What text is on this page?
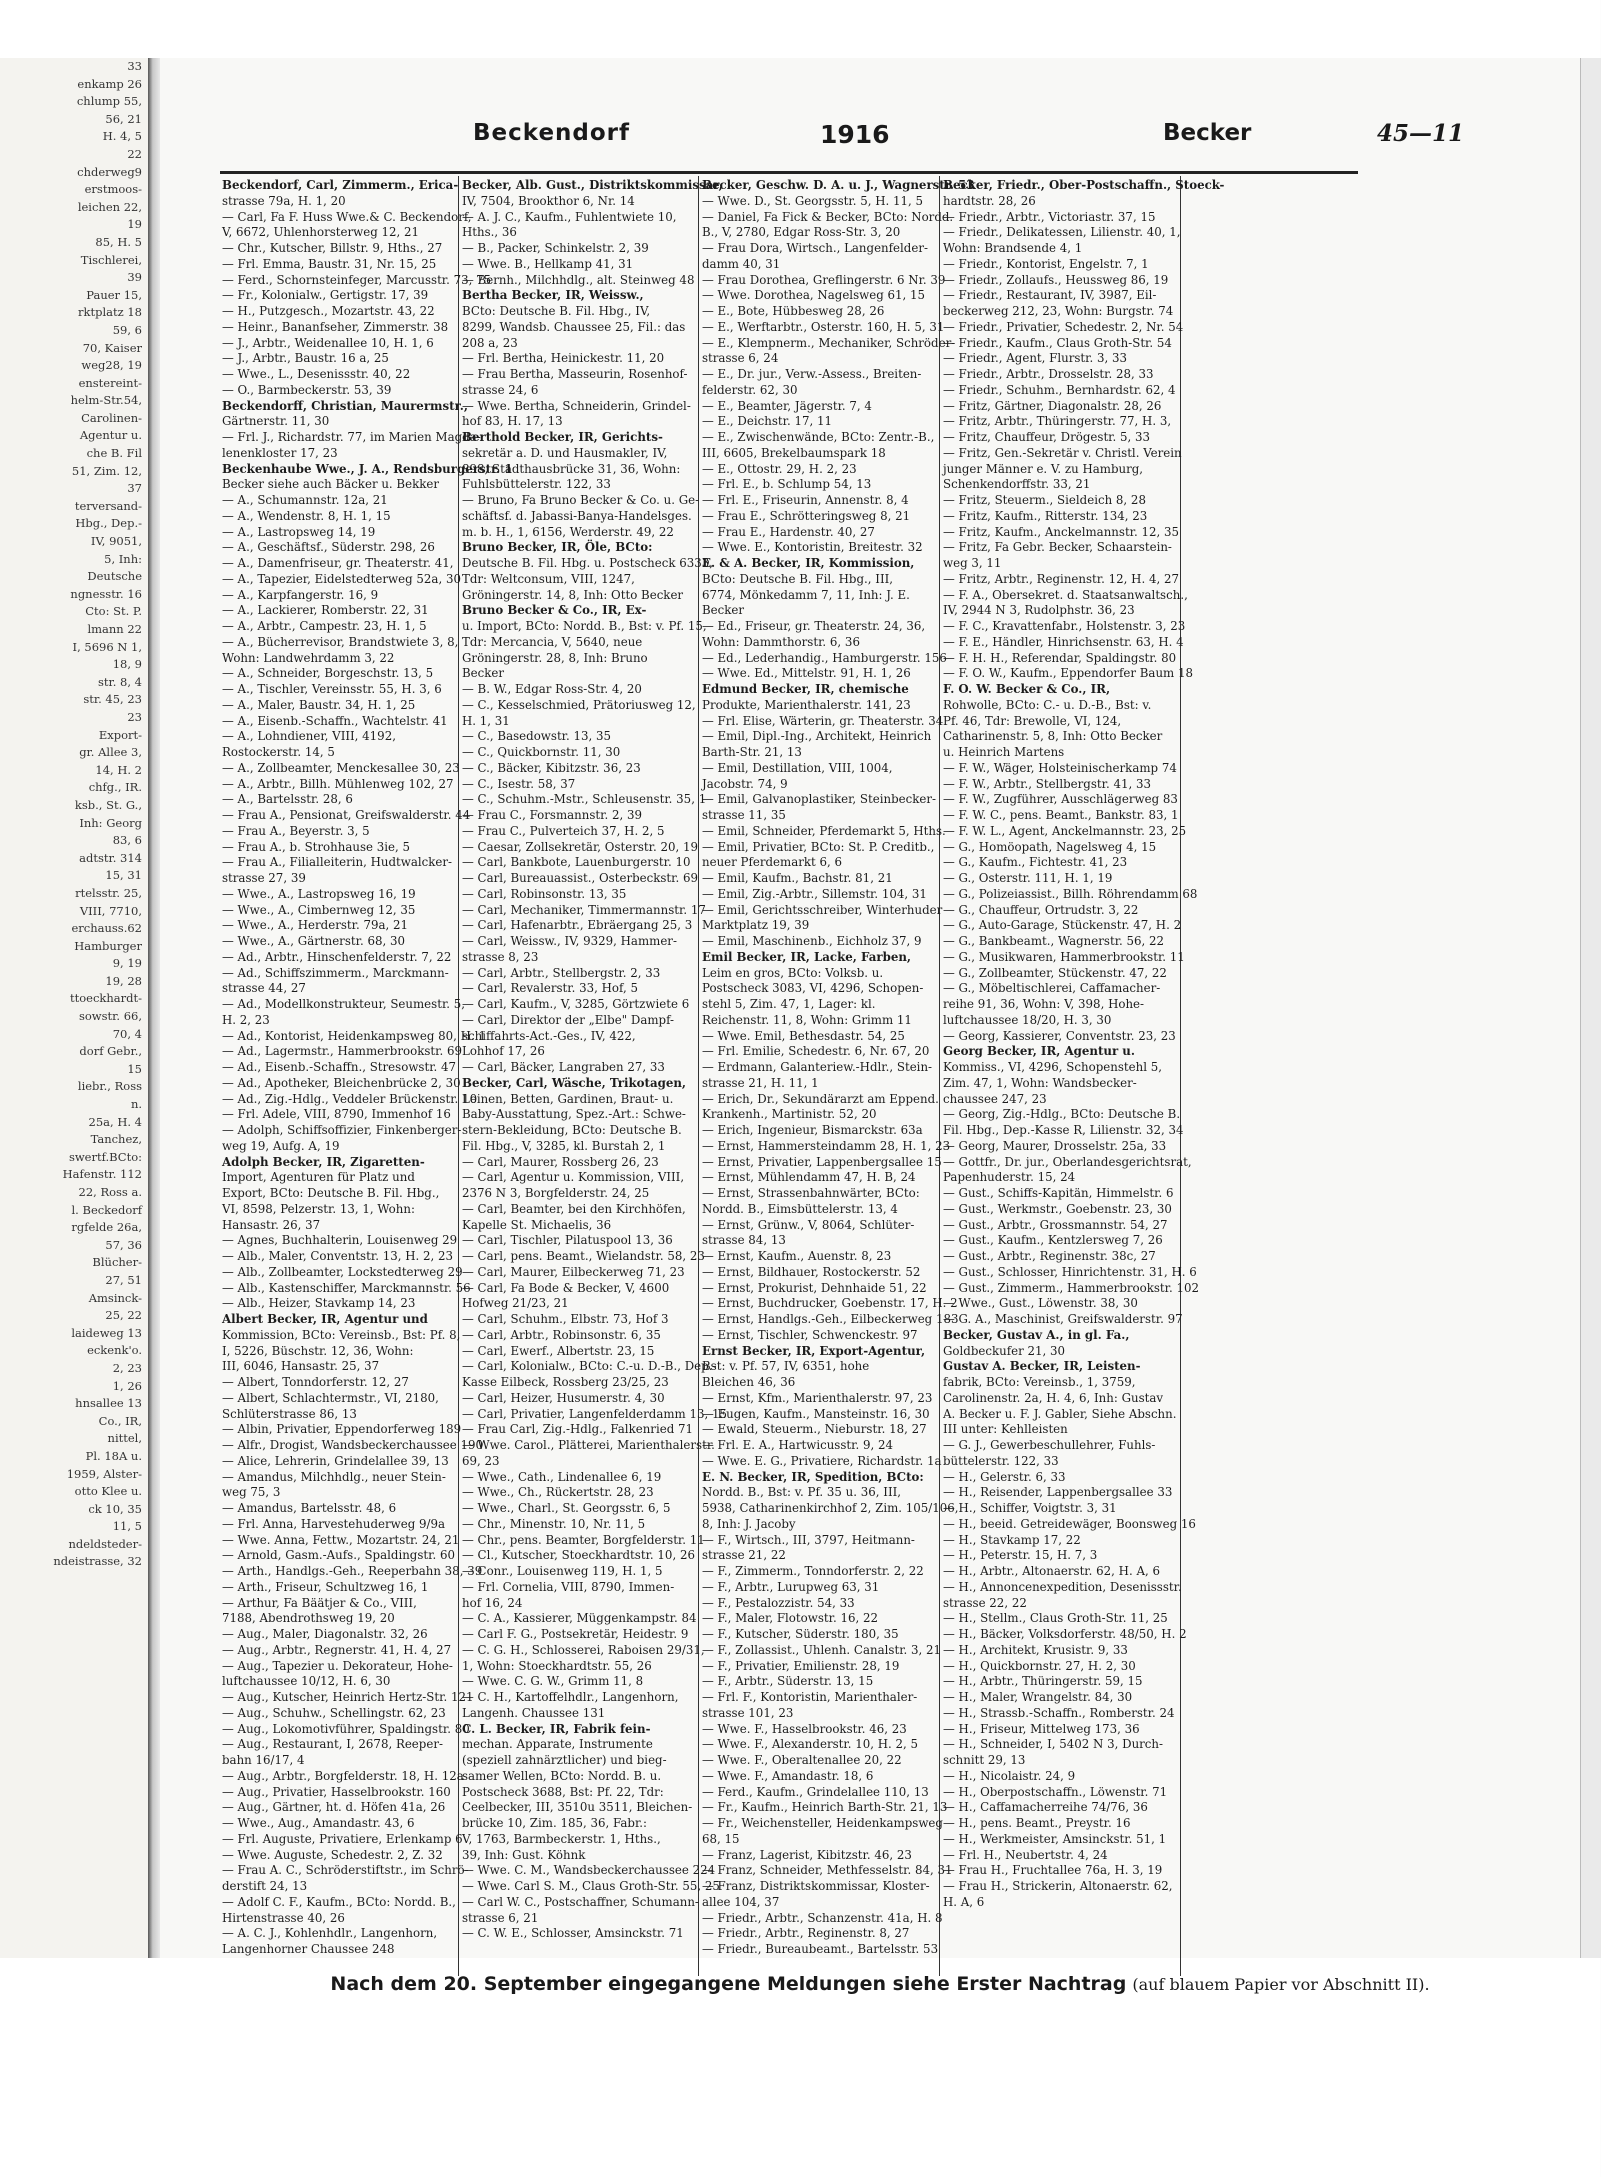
33
enkamp 26
chlump 55,
56, 21
H. 4, 5
22
chderweg9
erstmoos-
leichen 22,
19
85, H. 5
Tischlerei,
39
Pauer 15,
rktplatz 18
59, 6
70, Kaiser
weg28, 19
enstereint-
helm-Str.54,
Carolinen-
Agentur u.
che B. Fil
51, Zim. 12,
37
terversand-
Hbg., Dep.-
IV, 9051,
5, Inh:
Deutsche
ngnesstr. 16
Cto: St. P.
lmann 22
I, 5696 N 1,
18, 9
str. 8, 4
str. 45, 23
23
Export-
gr. Allee 3,
14, H. 2
chfg., IR.
ksb., St. G.,
Inh: Georg
83, 6
adtstr. 314
15, 31
rtelsstr. 25,
VIII, 7710,
erchauss.62
Hamburger
9, 19
19, 28
ttoeckhardt-
sowstr. 66,
70, 4
dorf Gebr.,
15
liebr., Ross
n.
25a, H. 4
Tanchez,
swertf.BCto:
Hafenstr. 112
22, Ross a.
l. Beckedorf
rgfelde 26a,
57, 36
Blücher-
27, 51
Amsinck-
25, 22
laideweg 13
eckenk'o.
2, 23
1, 26
hnsallee 13
Co., IR,
nittel,
Pl. 18A u.
1959, Alster-
otto Klee u.
ck 10, 35
11, 5
ndeldsteder-
ndeistrasse, 32
Beckendorf	1916	Becker	45—11
Beckendorf, Carl, Zimmerm., Erica-
strasse 79a, H. 1, 20
— Carl, Fa F. Huss Wwe.& C. Beckendorf,
V, 6672, Uhlenhorsterweg 12, 21
— Chr., Kutscher, Billstr. 9, Hths., 27
— Frl. Emma, Baustr. 31, Nr. 15, 25
— Ferd., Schornsteinfeger, Marcusstr. 73, 75
— Fr., Kolonialw., Gertigstr. 17, 39
— H., Putzgesch., Mozartstr. 43, 22
— Heinr., Bananfseher, Zimmerstr. 38
— J., Arbtr., Weidenallee 10, H. 1, 6
— J., Arbtr., Baustr. 16 a, 25
— Wwe., L., Desenissstr. 40, 22
— O., Barmbeckerstr. 53, 39
Beckendorff, Christian, Maurermstr.,
Gärtnerstr. 11, 30
— Frl. J., Richardstr. 77, im Marien Magda-
lenenkloster 17, 23
Beckenhaube Wwe., J. A., Rendsburgerstr. 1
Becker siehe auch Bäcker u. Bekker
— A., Schumannstr. 12a, 21
— A., Wendenstr. 8, H. 1, 15
— A., Lastropsweg 14, 19
— A., Geschäftsf., Süderstr. 298, 26
— A., Damenfriseur, gr. Theaterstr. 41,
— A., Tapezier, Eidelstedterweg 52a, 30
— A., Karpfangerstr. 16, 9
— A., Lackierer, Romberstr. 22, 31
— A., Arbtr., Campestr. 23, H. 1, 5
— A., Bücherrevisor, Brandstwiete 3, 8,
Wohn: Landwehrdamm 3, 22
— A., Schneider, Borgeschstr. 13, 5
— A., Tischler, Vereinsstr. 55, H. 3, 6
— A., Maler, Baustr. 34, H. 1, 25
— A., Eisenb.-Schaffn., Wachtelstr. 41
— A., Lohndiener, VIII, 4192,
Rostockerstr. 14, 5
— A., Zollbeamter, Menckesallee 30, 23
— A., Arbtr., Billh. Mühlenweg 102, 27
— A., Bartelsstr. 28, 6
— Frau A., Pensionat, Greifswalderstr. 44
— Frau A., Beyerstr. 3, 5
— Frau A., b. Strohhause 3ie, 5
— Frau A., Filialleiterin, Hudtwalcker-
strasse 27, 39
— Wwe., A., Lastropsweg 16, 19
— Wwe., A., Cimbernweg 12, 35
— Wwe., A., Herderstr. 79a, 21
— Wwe., A., Gärtnerstr. 68, 30
— Ad., Arbtr., Hinschenfelderstr. 7, 22
— Ad., Schiffszimmerm., Marckmann-
strasse 44, 27
— Ad., Modellkonstrukteur, Seumestr. 5,
H. 2, 23
— Ad., Kontorist, Heidenkampsweg 80, H. 1
— Ad., Lagermstr., Hammerbrookstr. 69
— Ad., Eisenb.-Schaffn., Stresowstr. 47
— Ad., Apotheker, Bleichenbrücke 2, 30
— Ad., Zig.-Hdlg., Veddeler Brückenstr. 10
— Frl. Adele, VIII, 8790, Immenhof 16
— Adolph, Schiffsoffizier, Finkenberger-
weg 19, Aufg. A, 19
Adolph Becker, IR, Zigaretten-
Import, Agenturen für Platz und
Export, BCto: Deutsche B. Fil. Hbg.,
VI, 8598, Pelzerstr. 13, 1, Wohn:
Hansastr. 26, 37
— Agnes, Buchhalterin, Louisenweg 29
— Alb., Maler, Conventstr. 13, H. 2, 23
— Alb., Zollbeamter, Lockstedterweg 29
— Alb., Kastenschiffer, Marckmannstr. 56
— Alb., Heizer, Stavkamp 14, 23
Albert Becker, IR, Agentur und
Kommission, BCto: Vereinsb., Bst: Pf. 8,
I, 5226, Büschstr. 12, 36, Wohn:
III, 6046, Hansastr. 25, 37
— Albert, Tonndorferstr. 12, 27
— Albert, Schlachtermstr., VI, 2180,
Schlüterstrasse 86, 13
— Albin, Privatier, Eppendorferweg 189
— Alfr., Drogist, Wandsbeckerchaussee 190
— Alice, Lehrerin, Grindelallee 39, 13
— Amandus, Milchhdlg., neuer Stein-
weg 75, 3
— Amandus, Bartelsstr. 48, 6
— Frl. Anna, Harvestehuderweg 9/9a
— Wwe. Anna, Fettw., Mozartstr. 24, 21
— Arnold, Gasm.-Aufs., Spaldingstr. 60
— Arth., Handlgs.-Geh., Reeperbahn 38, 39
— Arth., Friseur, Schultzweg 16, 1
— Arthur, Fa Bäätjer & Co., VIII,
7188, Abendrothsweg 19, 20
— Aug., Maler, Diagonalstr. 32, 26
— Aug., Arbtr., Regnerstr. 41, H. 4, 27
— Aug., Tapezier u. Dekorateur, Hohe-
luftchaussee 10/12, H. 6, 30
— Aug., Kutscher, Heinrich Hertz-Str. 121
— Aug., Schuhw., Schellingstr. 62, 23
— Aug., Lokomotivführer, Spaldingstr. 80
— Aug., Restaurant, I, 2678, Reeper-
bahn 16/17, 4
— Aug., Arbtr., Borgfelderstr. 18, H. 12a
— Aug., Privatier, Hasselbrookstr. 160
— Aug., Gärtner, ht. d. Höfen 41a, 26
— Wwe., Aug., Amandastr. 43, 6
— Frl. Auguste, Privatiere, Erlenkamp 6
— Wwe. Auguste, Schedestr. 2, Z. 32
— Frau A. C., Schröderstiftstr., im Schrö-
derstift 24, 13
— Adolf C. F., Kaufm., BCto: Nordd. B.,
Hirtenstrasse 40, 26
— A. C. J., Kohlenhdlr., Langenhorn,
Langenhorner Chaussee 248
Becker, Alb. Gust., Distriktskommissar,
IV, 7504, Brookthor 6, Nr. 14
— A. J. C., Kaufm., Fuhlentwiete 10,
Hths., 36
— B., Packer, Schinkelstr. 2, 39
— Wwe. B., Hellkamp 41, 31
— Bernh., Milchhdlg., alt. Steinweg 48
Bertha Becker, IR, Weissw.,
BCto: Deutsche B. Fil. Hbg., IV,
8299, Wandsb. Chaussee 25, Fil.: das
208 a, 23
— Frl. Bertha, Heinickestr. 11, 20
— Frau Bertha, Masseurin, Rosenhof-
strasse 24, 6
— Wwe. Bertha, Schneiderin, Grindel-
hof 83, H. 17, 13
Berthold Becker, IR, Gerichts-
sekretär a. D. und Hausmakler, IV,
898, Stadthausbrücke 31, 36, Wohn:
Fuhlsbüttelerstr. 122, 33
— Bruno, Fa Bruno Becker & Co. u. Ge-
schäftsf. d. Jabassi-Banya-Handelsges.
m. b. H., 1, 6156, Werderstr. 49, 22
Bruno Becker, IR, Öle, BCto:
Deutsche B. Fil. Hbg. u. Postscheck 6333,
Tdr: Weltconsum, VIII, 1247,
Gröningerstr. 14, 8, Inh: Otto Becker
Bruno Becker & Co., IR, Ex-
u. Import, BCto: Nordd. B., Bst: v. Pf. 15,
Tdr: Mercancia, V, 5640, neue
Gröningerstr. 28, 8, Inh: Bruno
Becker
— B. W., Edgar Ross-Str. 4, 20
— C., Kesselschmied, Prätoriusweg 12,
H. 1, 31
— C., Basedowstr. 13, 35
— C., Quickbornstr. 11, 30
— C., Bäcker, Kibitzstr. 36, 23
— C., Isestr. 58, 37
— C., Schuhm.-Mstr., Schleusenstr. 35, 1
— Frau C., Forsmannstr. 2, 39
— Frau C., Pulverteich 37, H. 2, 5
— Caesar, Zollsekretär, Osterstr. 20, 19
— Carl, Bankbote, Lauenburgerstr. 10
— Carl, Bureauassist., Osterbeckstr. 69
— Carl, Robinsonstr. 13, 35
— Carl, Mechaniker, Timmermannstr. 17
— Carl, Hafenarbtr., Ebräergang 25, 3
— Carl, Weissw., IV, 9329, Hammer-
strasse 8, 23
— Carl, Arbtr., Stellbergstr. 2, 33
— Carl, Revalerstr. 33, Hof, 5
— Carl, Kaufm., V, 3285, Görtzwiete 6
— Carl, Direktor der „Elbe" Dampf-
schiffahrts-Act.-Ges., IV, 422,
Lohhof 17, 26
— Carl, Bäcker, Langraben 27, 33
Becker, Carl, Wäsche, Trikotagen,
Leinen, Betten, Gardinen, Braut- u.
Baby-Ausstattung, Spez.-Art.: Schwe-
stern-Bekleidung, BCto: Deutsche B.
Fil. Hbg., V, 3285, kl. Burstah 2, 1
— Carl, Maurer, Rossberg 26, 23
— Carl, Agentur u. Kommission, VIII,
2376 N 3, Borgfelderstr. 24, 25
— Carl, Beamter, bei den Kirchhöfen,
Kapelle St. Michaelis, 36
— Carl, Tischler, Pilatuspool 13, 36
— Carl, pens. Beamt., Wielandstr. 58, 23
— Carl, Maurer, Eilbeckerweg 71, 23
— Carl, Fa Bode & Becker, V, 4600
Hofweg 21/23, 21
— Carl, Schuhm., Elbstr. 73, Hof 3
— Carl, Arbtr., Robinsonstr. 6, 35
— Carl, Ewerf., Albertstr. 23, 15
— Carl, Kolonialw., BCto: C.-u. D.-B., Dep.-
Kasse Eilbeck, Rossberg 23/25, 23
— Carl, Heizer, Husumerstr. 4, 30
— Carl, Privatier, Langenfelderdamm 13, 15
— Frau Carl, Zig.-Hdlg., Falkenried 71
— Wwe. Carol., Plätterei, Marienthalerstr.
69, 23
— Wwe., Cath., Lindenallee 6, 19
— Wwe., Ch., Rückertstr. 28, 23
— Wwe., Charl., St. Georgsstr. 6, 5
— Chr., Minenstr. 10, Nr. 11, 5
— Chr., pens. Beamter, Borgfelderstr. 11
— Cl., Kutscher, Stoeckhardtstr. 10, 26
— Conr., Louisenweg 119, H. 1, 5
— Frl. Cornelia, VIII, 8790, Immen-
hof 16, 24
— C. A., Kassierer, Müggenkampstr. 84
— Carl F. G., Postsekretär, Heidestr. 9
— C. G. H., Schlosserei, Raboisen 29/31,
1, Wohn: Stoeckhardtstr. 55, 26
— Wwe. C. G. W., Grimm 11, 8
— C. H., Kartoffelhdlr., Langenhorn,
Langenh. Chaussee 131
C. L. Becker, IR, Fabrik fein-
mechan. Apparate, Instrumente
(speziell zahnärztlicher) und bieg-
samer Wellen, BCto: Nordd. B. u.
Postscheck 3688, Bst: Pf. 22, Tdr:
Ceelbecker, III, 3510u 3511, Bleichen-
brücke 10, Zim. 185, 36, Fabr.:
V, 1763, Barmbeckerstr. 1, Hths.,
39, Inh: Gust. Köhnk
— Wwe. C. M., Wandsbeckerchaussee 224
— Wwe. Carl S. M., Claus Groth-Str. 55, 25
— Carl W. C., Postschaffner, Schumann-
strasse 6, 21
— C. W. E., Schlosser, Amsinckstr. 71
Becker, Geschw. D. A. u. J., Wagnerstr. 53
— Wwe. D., St. Georgsstr. 5, H. 11, 5
— Daniel, Fa Fick & Becker, BCto: Nordd.
B., V, 2780, Edgar Ross-Str. 3, 20
— Frau Dora, Wirtsch., Langenfelder-
damm 40, 31
— Frau Dorothea, Greflingerstr. 6 Nr. 39
— Wwe. Dorothea, Nagelsweg 61, 15
— E., Bote, Hübbesweg 28, 26
— E., Werftarbtr., Osterstr. 160, H. 5, 31
— E., Klempnerm., Mechaniker, Schröder-
strasse 6, 24
— E., Dr. jur., Verw.-Assess., Breiten-
felderstr. 62, 30
— E., Beamter, Jägerstr. 7, 4
— E., Deichstr. 17, 11
— E., Zwischenwände, BCto: Zentr.-B.,
III, 6605, Brekelbaumspark 18
— E., Ottostr. 29, H. 2, 23
— Frl. E., b. Schlump 54, 13
— Frl. E., Friseurin, Annenstr. 8, 4
— Frau E., Schrötteringsweg 8, 21
— Frau E., Hardenstr. 40, 27
— Wwe. E., Kontoristin, Breitestr. 32
E. & A. Becker, IR, Kommission,
BCto: Deutsche B. Fil. Hbg., III,
6774, Mönkedamm 7, 11, Inh: J. E.
Becker
— Ed., Friseur, gr. Theaterstr. 24, 36,
Wohn: Dammthorstr. 6, 36
— Ed., Lederhandig., Hamburgerstr. 156
— Wwe. Ed., Mittelstr. 91, H. 1, 26
Edmund Becker, IR, chemische
Produkte, Marienthalerstr. 141, 23
— Frl. Elise, Wärterin, gr. Theaterstr. 34
— Emil, Dipl.-Ing., Architekt, Heinrich
Barth-Str. 21, 13
— Emil, Destillation, VIII, 1004,
Jacobstr. 74, 9
— Emil, Galvanoplastiker, Steinbecker-
strasse 11, 35
— Emil, Schneider, Pferdemarkt 5, Hths.
— Emil, Privatier, BCto: St. P. Creditb.,
neuer Pferdemarkt 6, 6
— Emil, Kaufm., Bachstr. 81, 21
— Emil, Zig.-Arbtr., Sillemstr. 104, 31
— Emil, Gerichtsschreiber, Winterhuder
Marktplatz 19, 39
— Emil, Maschinenb., Eichholz 37, 9
Emil Becker, IR, Lacke, Farben,
Leim en gros, BCto: Volksb. u.
Postscheck 3083, VI, 4296, Schopen-
stehl 5, Zim. 47, 1, Lager: kl.
Reichenstr. 11, 8, Wohn: Grimm 11
— Wwe. Emil, Bethesdastr. 54, 25
— Frl. Emilie, Schedestr. 6, Nr. 67, 20
— Erdmann, Galanteriew.-Hdlr., Stein-
strasse 21, H. 11, 1
— Erich, Dr., Sekundärarzt am Eppend.
Krankenh., Martinistr. 52, 20
— Erich, Ingenieur, Bismarckstr. 63a
— Ernst, Hammersteindamm 28, H. 1, 23
— Ernst, Privatier, Lappenbergsallee 15
— Ernst, Mühlendamm 47, H. B, 24
— Ernst, Strassenbahnwärter, BCto:
Nordd. B., Eimsbüttelerstr. 13, 4
— Ernst, Grünw., V, 8064, Schlüter-
strasse 84, 13
— Ernst, Kaufm., Auenstr. 8, 23
— Ernst, Bildhauer, Rostockerstr. 52
— Ernst, Prokurist, Dehnhaide 51, 22
— Ernst, Buchdrucker, Goebenstr. 17, H. 2
— Ernst, Handlgs.-Geh., Eilbeckerweg 183
— Ernst, Tischler, Schwenckestr. 97
Ernst Becker, IR, Export-Agentur,
Bst: v. Pf. 57, IV, 6351, hohe
Bleichen 46, 36
— Ernst, Kfm., Marienthalerstr. 97, 23
— Eugen, Kaufm., Mansteinstr. 16, 30
— Ewald, Steuerm., Nieburstr. 18, 27
— Frl. E. A., Hartwicusstr. 9, 24
— Wwe. E. G., Privatiere, Richardstr. 1a
E. N. Becker, IR, Spedition, BCto:
Nordd. B., Bst: v. Pf. 35 u. 36, III,
5938, Catharinenkirchhof 2, Zim. 105/106,
8, Inh: J. Jacoby
— F., Wirtsch., III, 3797, Heitmann-
strasse 21, 22
— F., Zimmerm., Tonndorferstr. 2, 22
— F., Arbtr., Lurupweg 63, 31
— F., Pestalozzistr. 54, 33
— F., Maler, Flotowstr. 16, 22
— F., Kutscher, Süderstr. 180, 35
— F., Zollassist., Uhlenh. Canalstr. 3, 21
— F., Privatier, Emilienstr. 28, 19
— F., Arbtr., Süderstr. 13, 15
— Frl. F., Kontoristin, Marienthaler-
strasse 101, 23
— Wwe. F., Hasselbrookstr. 46, 23
— Wwe. F., Alexanderstr. 10, H. 2, 5
— Wwe. F., Oberaltenallee 20, 22
— Wwe. F., Amandastr. 18, 6
— Ferd., Kaufm., Grindelallee 110, 13
— Fr., Kaufm., Heinrich Barth-Str. 21, 13
— Fr., Weichensteller, Heidenkampsweg
68, 15
— Franz, Lagerist, Kibitzstr. 46, 23
— Franz, Schneider, Methfesselstr. 84, 31
— Franz, Distriktskommissar, Kloster-
allee 104, 37
— Friedr., Arbtr., Schanzenstr. 41a, H. 8
— Friedr., Arbtr., Reginenstr. 8, 27
— Friedr., Bureaubeamt., Bartelsstr. 53
Becker, Friedr., Ober-Postschaffn., Stoeck-
hardtstr. 28, 26
— Friedr., Arbtr., Victoriastr. 37, 15
— Friedr., Delikatessen, Lilienstr. 40, 1,
Wohn: Brandsende 4, 1
— Friedr., Kontorist, Engelstr. 7, 1
— Friedr., Zollaufs., Heussweg 86, 19
— Friedr., Restaurant, IV, 3987, Eil-
beckerweg 212, 23, Wohn: Burgstr. 74
— Friedr., Privatier, Schedestr. 2, Nr. 54
— Friedr., Kaufm., Claus Groth-Str. 54
— Friedr., Agent, Flurstr. 3, 33
— Friedr., Arbtr., Drosselstr. 28, 33
— Friedr., Schuhm., Bernhardstr. 62, 4
— Fritz, Gärtner, Diagonalstr. 28, 26
— Fritz, Arbtr., Thüringerstr. 77, H. 3,
— Fritz, Chauffeur, Drögestr. 5, 33
— Fritz, Gen.-Sekretär v. Christl. Verein
junger Männer e. V. zu Hamburg,
Schenkendorffstr. 33, 21
— Fritz, Steuerm., Sieldeich 8, 28
— Fritz, Kaufm., Ritterstr. 134, 23
— Fritz, Kaufm., Anckelmannstr. 12, 35
— Fritz, Fa Gebr. Becker, Schaarstein-
weg 3, 11
— Fritz, Arbtr., Reginenstr. 12, H. 4, 27
— F. A., Obersekret. d. Staatsanwaltsch.,
IV, 2944 N 3, Rudolphstr. 36, 23
— F. C., Kravattenfabr., Holstenstr. 3, 23
— F. E., Händler, Hinrichsenstr. 63, H. 4
— F. H. H., Referendar, Spaldingstr. 80
— F. O. W., Kaufm., Eppendorfer Baum 18
F. O. W. Becker & Co., IR,
Rohwolle, BCto: C.- u. D.-B., Bst: v.
Pf. 46, Tdr: Brewolle, VI, 124,
Catharinenstr. 5, 8, Inh: Otto Becker
u. Heinrich Martens
— F. W., Wäger, Holsteinischerkamp 74
— F. W., Arbtr., Stellbergstr. 41, 33
— F. W., Zugführer, Ausschlägerweg 83
— F. W. C., pens. Beamt., Bankstr. 83, 1
— F. W. L., Agent, Anckelmannstr. 23, 25
— G., Homöopath, Nagelsweg 4, 15
— G., Kaufm., Fichtestr. 41, 23
— G., Osterstr. 111, H. 1, 19
— G., Polizeiassist., Billh. Röhrendamm 68
— G., Chauffeur, Ortrudstr. 3, 22
— G., Auto-Garage, Stückenstr. 47, H. 2
— G., Bankbeamt., Wagnerstr. 56, 22
— G., Musikwaren, Hammerbrookstr. 11
— G., Zollbeamter, Stückenstr. 47, 22
— G., Möbeltischlerei, Caffamacher-
reihe 91, 36, Wohn: V, 398, Hohe-
luftchaussee 18/20, H. 3, 30
— Georg, Kassierer, Conventstr. 23, 23
Georg Becker, IR, Agentur u.
Kommiss., VI, 4296, Schopenstehl 5,
Zim. 47, 1, Wohn: Wandsbecker-
chaussee 247, 23
— Georg, Zig.-Hdlg., BCto: Deutsche B.
Fil. Hbg., Dep.-Kasse R, Lilienstr. 32, 34
— Georg, Maurer, Drosselstr. 25a, 33
— Gottfr., Dr. jur., Oberlandesgerichtsrat,
Papenhuderstr. 15, 24
— Gust., Schiffs-Kapitän, Himmelstr. 6
— Gust., Werkmstr., Goebenstr. 23, 30
— Gust., Arbtr., Grossmannstr. 54, 27
— Gust., Kaufm., Kentzlersweg 7, 26
— Gust., Arbtr., Reginenstr. 38c, 27
— Gust., Schlosser, Hinrichtenstr. 31, H. 6
— Gust., Zimmerm., Hammerbrookstr. 102
— Wwe., Gust., Löwenstr. 38, 30
— G. A., Maschinist, Greifswalderstr. 97
Becker, Gustav A., in gl. Fa.,
Goldbeckufer 21, 30
Gustav A. Becker, IR, Leisten-
fabrik, BCto: Vereinsb., 1, 3759,
Carolinenstr. 2a, H. 4, 6, Inh: Gustav
A. Becker u. F. J. Gabler, Siehe Abschn.
III unter: Kehlleisten
— G. J., Gewerbeschullehrer, Fuhls-
büttelerstr. 122, 33
— H., Gelerstr. 6, 33
— H., Reisender, Lappenbergsallee 33
— H., Schiffer, Voigtstr. 3, 31
— H., beeid. Getreidewäger, Boonsweg 16
— H., Stavkamp 17, 22
— H., Peterstr. 15, H. 7, 3
— H., Arbtr., Altonaerstr. 62, H. A, 6
— H., Annoncenexpedition, Desenissstr.
strasse 22, 22
— H., Stellm., Claus Groth-Str. 11, 25
— H., Bäcker, Volksdorferstr. 48/50, H. 2
— H., Architekt, Krusistr. 9, 33
— H., Quickbornstr. 27, H. 2, 30
— H., Arbtr., Thüringerstr. 59, 15
— H., Maler, Wrangelstr. 84, 30
— H., Strassb.-Schaffn., Romberstr. 24
— H., Friseur, Mittelweg 173, 36
— H., Schneider, I, 5402 N 3, Durch-
schnitt 29, 13
— H., Nicolaistr. 24, 9
— H., Oberpostschaffn., Löwenstr. 71
— H., Caffamacherreihe 74/76, 36
— H., pens. Beamt., Preystr. 16
— H., Werkmeister, Amsinckstr. 51, 1
— Frl. H., Neubertstr. 4, 24
— Frau H., Fruchtallee 76a, H. 3, 19
— Frau H., Strickerin, Altonaerstr. 62,
H. A, 6
Nach dem 20. September eingegangene Meldungen siehe Erster Nachtrag (auf blauem Papier vor Abschnitt II).
